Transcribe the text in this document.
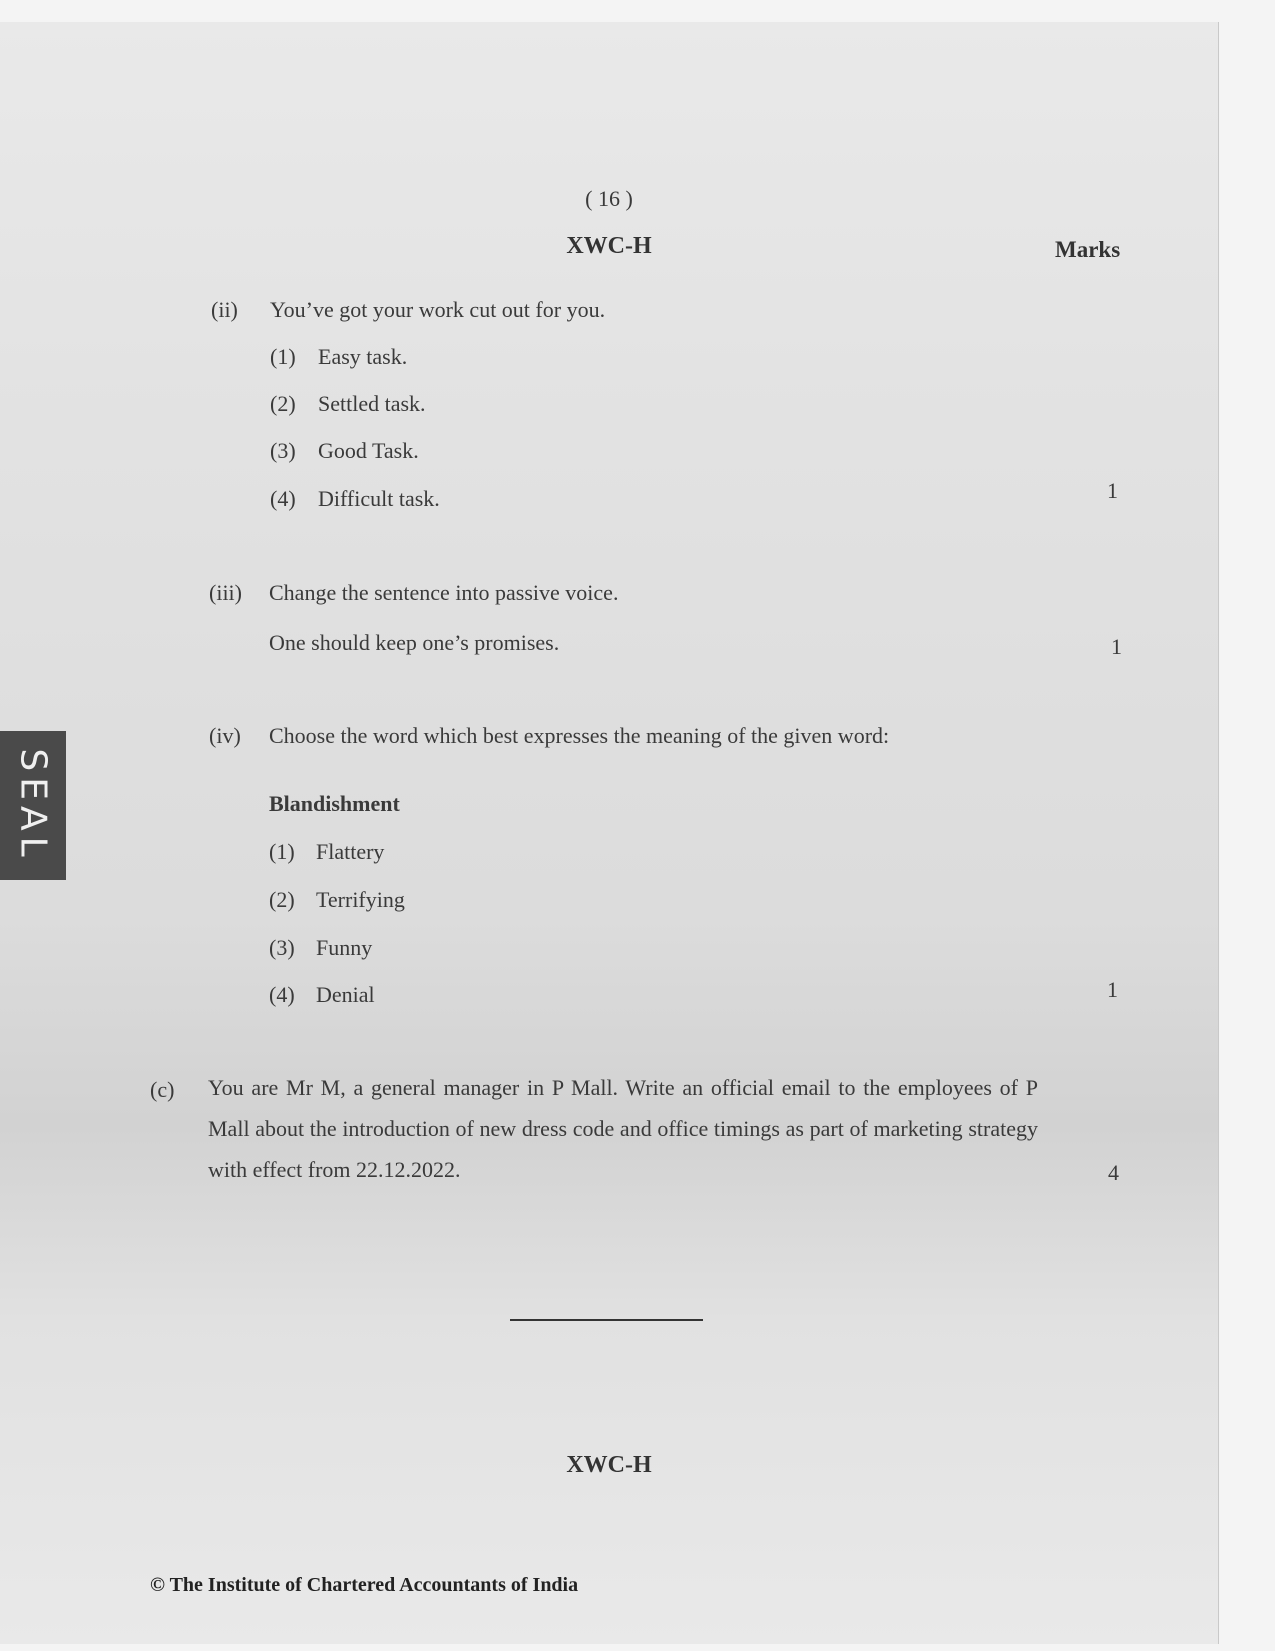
( 16 )
XWC-H	Marks
(ii) You’ve got your work cut out for you.
(1) Easy task.
(2) Settled task.
(3) Good Task.
(4) Difficult task.	1
(iii) Change the sentence into passive voice.
One should keep one’s promises.	1
(iv) Choose the word which best expresses the meaning of the given word:
Blandishment
(1) Flattery
(2) Terrifying
(3) Funny
(4) Denial	1
(c) You are Mr M, a general manager in P Mall. Write an official email to the employees of P Mall about the introduction of new dress code and office timings as part of marketing strategy with effect from 22.12.2022.	4
XWC-H
© The Institute of Chartered Accountants of India
SEAL
